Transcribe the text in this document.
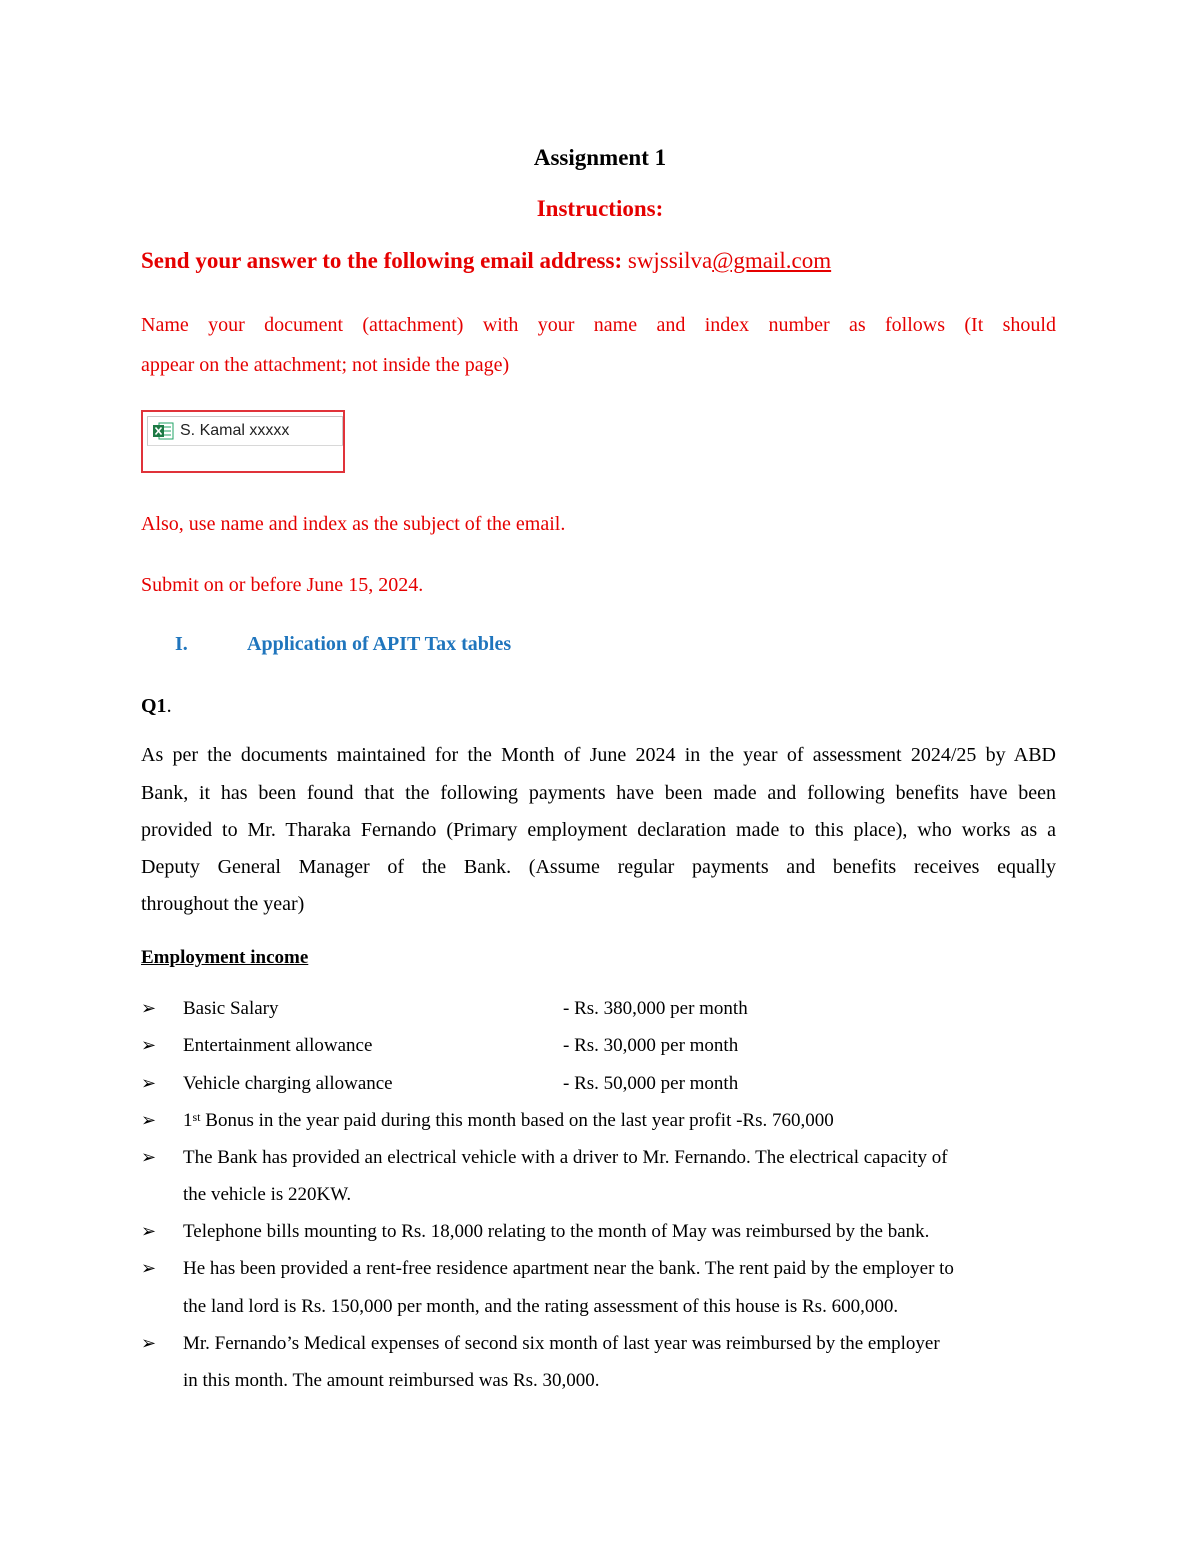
Assignment 1
Instructions:
Send your answer to the following email address: swjssilva@gmail.com
Name your document (attachment) with your name and index number as follows (It should
appear on the attachment; not inside the page)
S. Kamal xxxxx
Also, use name and index as the subject of the email.
Submit on or before June 15, 2024.
I.	Application of APIT Tax tables
Q1.
As per the documents maintained for the Month of June 2024 in the year of assessment 2024/25 by ABD
Bank, it has been found that the following payments have been made and following benefits have been
provided to Mr. Tharaka Fernando (Primary employment declaration made to this place), who works as a
Deputy General Manager of the Bank. (Assume regular payments and benefits receives equally
throughout the year)
Employment income
➢ Basic Salary	- Rs. 380,000 per month
➢ Entertainment allowance	- Rs. 30,000 per month
➢ Vehicle charging allowance	- Rs. 50,000 per month
➢ 1st Bonus in the year paid during this month based on the last year profit -Rs. 760,000
➢ The Bank has provided an electrical vehicle with a driver to Mr. Fernando. The electrical capacity of
the vehicle is 220KW.
➢ Telephone bills mounting to Rs. 18,000 relating to the month of May was reimbursed by the bank.
➢ He has been provided a rent-free residence apartment near the bank. The rent paid by the employer to
the land lord is Rs. 150,000 per month, and the rating assessment of this house is Rs. 600,000.
➢ Mr. Fernando’s Medical expenses of second six month of last year was reimbursed by the employer
in this month. The amount reimbursed was Rs. 30,000.
